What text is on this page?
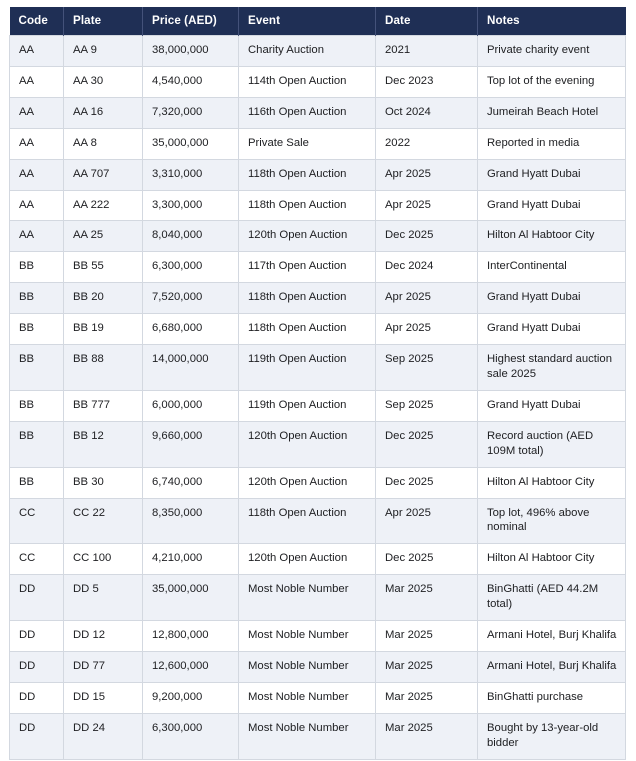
Code	Plate	Price (AED)	Event	Date	Notes
AA	AA 9	38,000,000	Charity Auction	2021	Private charity event
AA	AA 30	4,540,000	114th Open Auction	Dec 2023	Top lot of the evening
AA	AA 16	7,320,000	116th Open Auction	Oct 2024	Jumeirah Beach Hotel
AA	AA 8	35,000,000	Private Sale	2022	Reported in media
AA	AA 707	3,310,000	118th Open Auction	Apr 2025	Grand Hyatt Dubai
AA	AA 222	3,300,000	118th Open Auction	Apr 2025	Grand Hyatt Dubai
AA	AA 25	8,040,000	120th Open Auction	Dec 2025	Hilton Al Habtoor City
BB	BB 55	6,300,000	117th Open Auction	Dec 2024	InterContinental
BB	BB 20	7,520,000	118th Open Auction	Apr 2025	Grand Hyatt Dubai
BB	BB 19	6,680,000	118th Open Auction	Apr 2025	Grand Hyatt Dubai
BB	BB 88	14,000,000	119th Open Auction	Sep 2025	Highest standard auction sale 2025
BB	BB 777	6,000,000	119th Open Auction	Sep 2025	Grand Hyatt Dubai
BB	BB 12	9,660,000	120th Open Auction	Dec 2025	Record auction (AED 109M total)
BB	BB 30	6,740,000	120th Open Auction	Dec 2025	Hilton Al Habtoor City
CC	CC 22	8,350,000	118th Open Auction	Apr 2025	Top lot, 496% above nominal
CC	CC 100	4,210,000	120th Open Auction	Dec 2025	Hilton Al Habtoor City
DD	DD 5	35,000,000	Most Noble Number	Mar 2025	BinGhatti (AED 44.2M total)
DD	DD 12	12,800,000	Most Noble Number	Mar 2025	Armani Hotel, Burj Khalifa
DD	DD 77	12,600,000	Most Noble Number	Mar 2025	Armani Hotel, Burj Khalifa
DD	DD 15	9,200,000	Most Noble Number	Mar 2025	BinGhatti purchase
DD	DD 24	6,300,000	Most Noble Number	Mar 2025	Bought by 13-year-old bidder
